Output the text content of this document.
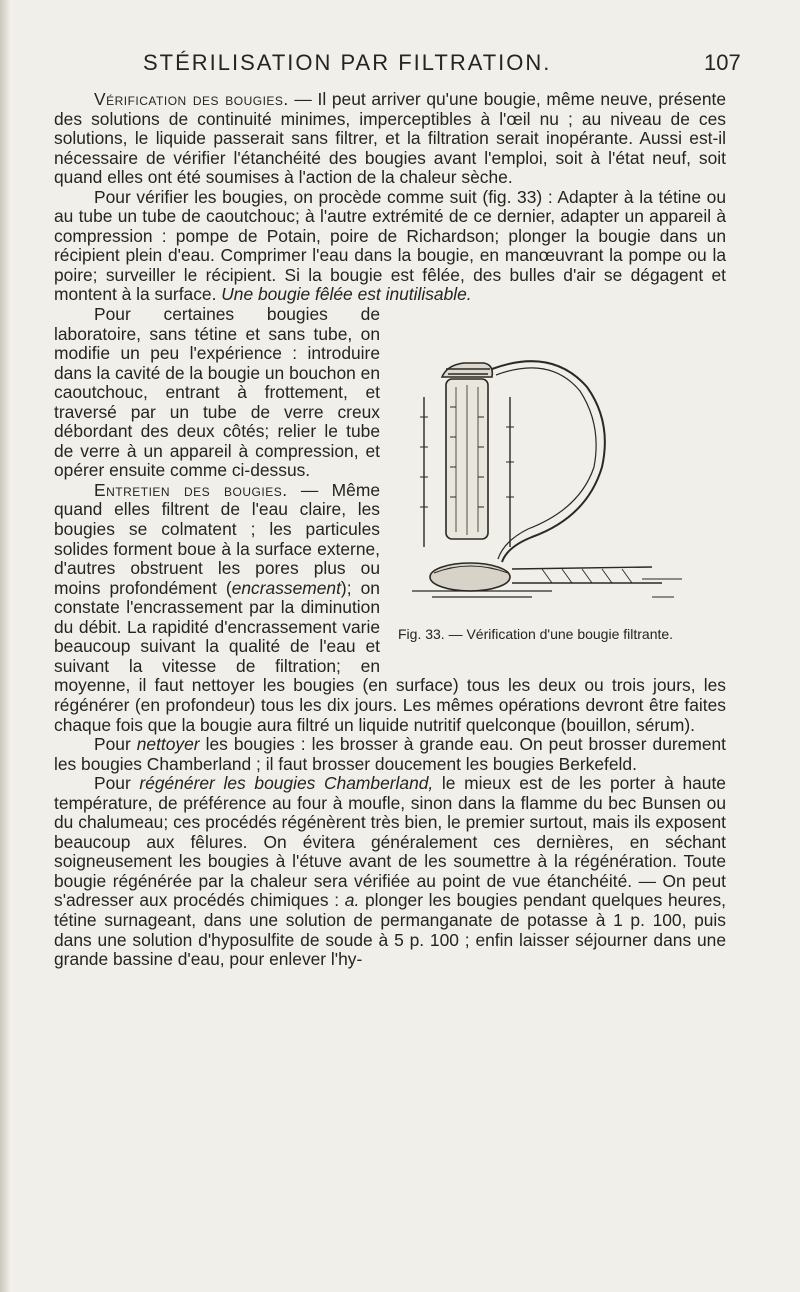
STÉRILISATION PAR FILTRATION.	107

Vérification des bougies. — Il peut arriver qu'une bougie, même neuve, présente des solutions de continuité minimes, imperceptibles à l'œil nu ; au niveau de ces solutions, le liquide passerait sans filtrer, et la filtration serait inopérante. Aussi est-il nécessaire de vérifier l'étanchéité des bougies avant l'emploi, soit à l'état neuf, soit quand elles ont été soumises à l'action de la chaleur sèche.

Pour vérifier les bougies, on procède comme suit (fig. 33) : Adapter à la tétine ou au tube un tube de caoutchouc; à l'autre extrémité de ce dernier, adapter un appareil à compression : pompe de Potain, poire de Richardson; plonger la bougie dans un récipient plein d'eau. Comprimer l'eau dans la bougie, en manœuvrant la pompe ou la poire; surveiller le récipient. Si la bougie est fêlée, des bulles d'air se dégagent et montent à la surface. Une bougie fêlée est inutilisable.

Fig. 33. — Vérification d'une bougie filtrante.

Pour certaines bougies de laboratoire, sans tétine et sans tube, on modifie un peu l'expérience : introduire dans la cavité de la bougie un bouchon en caoutchouc, entrant à frottement, et traversé par un tube de verre creux débordant des deux côtés; relier le tube de verre à un appareil à compression, et opérer ensuite comme ci-dessus.

Entretien des bougies. — Même quand elles filtrent de l'eau claire, les bougies se colmatent ; les particules solides forment boue à la surface externe, d'autres obstruent les pores plus ou moins profondément (encrassement); on constate l'encrassement par la diminution du débit. La rapidité d'encrassement varie beaucoup suivant la qualité de l'eau et suivant la vitesse de filtration; en moyenne, il faut nettoyer les bougies (en surface) tous les deux ou trois jours, les régénérer (en profondeur) tous les dix jours. Les mêmes opérations devront être faites chaque fois que la bougie aura filtré un liquide nutritif quelconque (bouillon, sérum).

Pour nettoyer les bougies : les brosser à grande eau. On peut brosser durement les bougies Chamberland ; il faut brosser doucement les bougies Berkefeld.

Pour régénérer les bougies Chamberland, le mieux est de les porter à haute température, de préférence au four à moufle, sinon dans la flamme du bec Bunsen ou du chalumeau; ces procédés régénèrent très bien, le premier surtout, mais ils exposent beaucoup aux fêlures. On évitera généralement ces dernières, en séchant soigneusement les bougies à l'étuve avant de les soumettre à la régénération. Toute bougie régénérée par la chaleur sera vérifiée au point de vue étanchéité. — On peut s'adresser aux procédés chimiques : a. plonger les bougies pendant quelques heures, tétine surnageant, dans une solution de permanganate de potasse à 1 p. 100, puis dans une solution d'hyposulfite de soude à 5 p. 100 ; enfin laisser séjourner dans une grande bassine d'eau, pour enlever l'hy-
